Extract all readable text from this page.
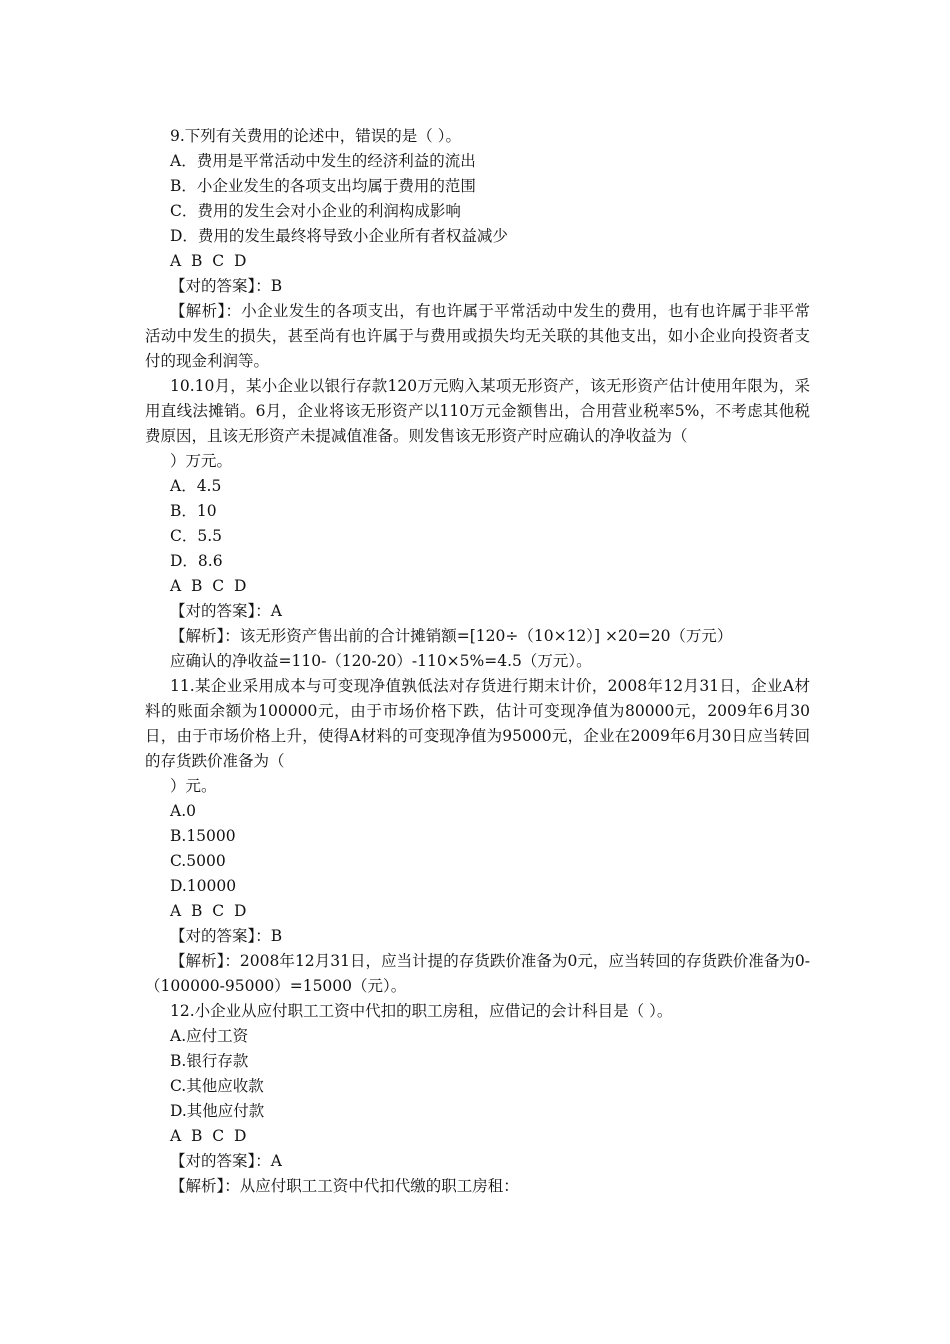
9.下列有关费用的论述中，错误的是（ ）。
A．费用是平常活动中发生的经济利益的流出
B．小企业发生的各项支出均属于费用的范围
C．费用的发生会对小企业的利润构成影响
D．费用的发生最终将导致小企业所有者权益减少
A  B  C  D
【对的答案】：B
【解析】：小企业发生的各项支出，有也许属于平常活动中发生的费用，也有也许属于非平常活动中发生的损失，甚至尚有也许属于与费用或损失均无关联的其他支出，如小企业向投资者支付的现金利润等。
10.10月，某小企业以银行存款120万元购入某项无形资产，该无形资产估计使用年限为，采用直线法摊销。6月，企业将该无形资产以110万元金额售出，合用营业税率5%，不考虑其他税费原因，且该无形资产未提减值准备。则发售该无形资产时应确认的净收益为（
）万元。
A．4.5
B．10
C．5.5
D．8.6
A  B  C  D
【对的答案】：A
【解析】：该无形资产售出前的合计摊销额=[120÷（10×12）] ×20=20（万元）
应确认的净收益=110-（120-20）-110×5%=4.5（万元）。
11.某企业采用成本与可变现净值孰低法对存货进行期末计价，2008年12月31日，企业A材料的账面余额为100000元，由于市场价格下跌，估计可变现净值为80000元，2009年6月30日，由于市场价格上升，使得A材料的可变现净值为95000元，企业在2009年6月30日应当转回的存货跌价准备为（
）元。
A.0
B.15000
C.5000
D.10000
A  B  C  D
【对的答案】：B
【解析】：2008年12月31日，应当计提的存货跌价准备为0元，应当转回的存货跌价准备为0-（100000-95000）=15000（元）。
12.小企业从应付职工工资中代扣的职工房租，应借记的会计科目是（ ）。
A.应付工资
B.银行存款
C.其他应收款
D.其他应付款
A  B  C  D
【对的答案】：A
【解析】：从应付职工工资中代扣代缴的职工房租：
